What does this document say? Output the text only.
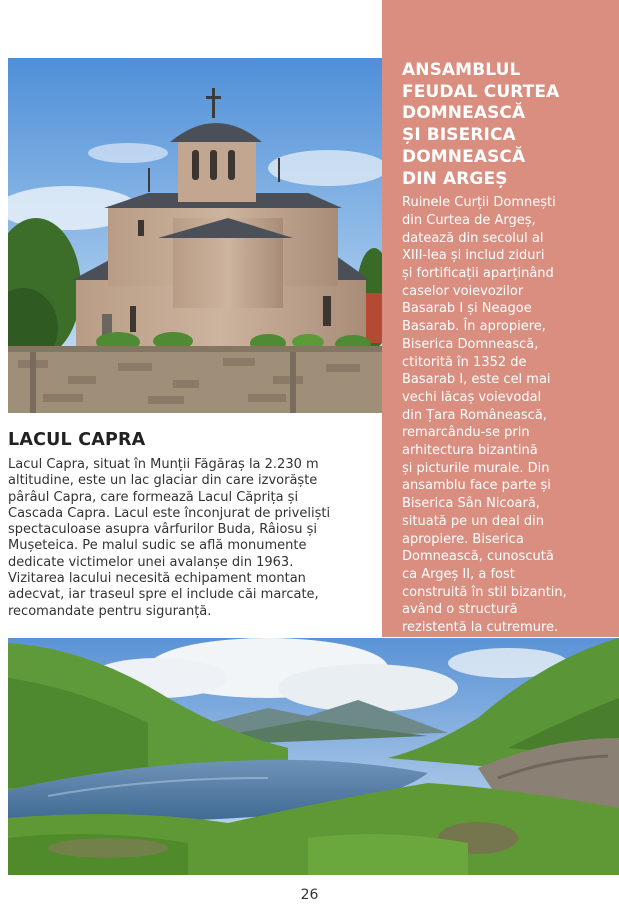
ANSAMBLUL
FEUDAL CURTEA
DOMNEASCĂ
ȘI BISERICA
DOMNEASCĂ
DIN ARGEȘ

Ruinele Curții Domnești
din Curtea de Argeș,
datează din secolul al
XIII-lea și includ ziduri
și fortificații aparținând
caselor voievozilor
Basarab I și Neagoe
Basarab. În apropiere,
Biserica Domnească,
ctitorită în 1352 de
Basarab I, este cel mai
vechi lăcaș voievodal
din Țara Românească,
remarcându-se prin
arhitectura bizantină
și picturile murale. Din
ansamblu face parte și
Biserica Sân Nicoară,
situată pe un deal din
apropiere. Biserica
Domnească, cunoscută
ca Argeș II, a fost
construită în stil bizantin,
având o structură
rezistentă la cutremure.

LACUL CAPRA

Lacul Capra, situat în Munții Făgăraș la 2.230 m
altitudine, este un lac glaciar din care izvorăște
pârâul Capra, care formează Lacul Căprița și
Cascada Capra. Lacul este înconjurat de priveliști
spectaculoase asupra vârfurilor Buda, Râiosu și
Mușeteica. Pe malul sudic se află monumente
dedicate victimelor unei avalanșe din 1963.
Vizitarea lacului necesită echipament montan
adecvat, iar traseul spre el include căi marcate,
recomandate pentru siguranță.

26
